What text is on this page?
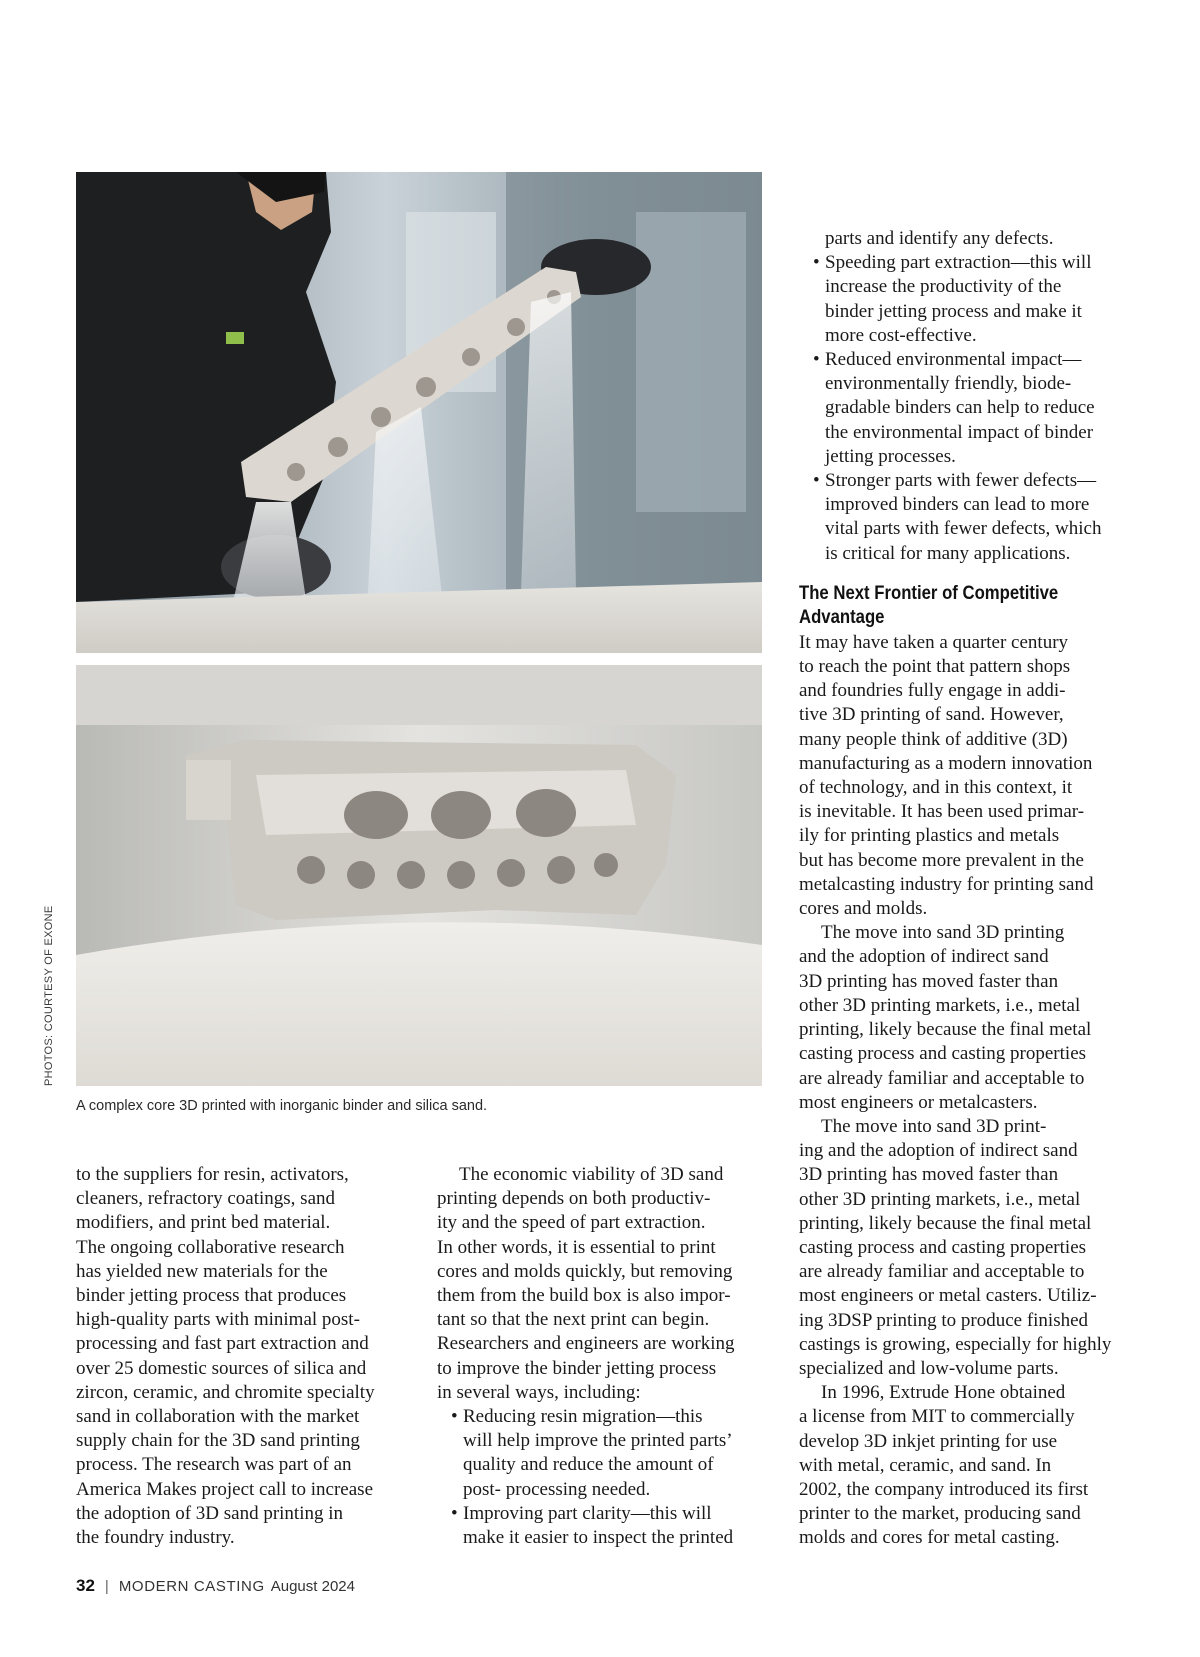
PHOTOS: COURTESY OF EXONE
A complex core 3D printed with inorganic binder and silica sand.
to the suppliers for resin, activators,
cleaners, refractory coatings, sand
modifiers, and print bed material.
The ongoing collaborative research
has yielded new materials for the
binder jetting process that produces
high-quality parts with minimal post-
processing and fast part extraction and
over 25 domestic sources of silica and
zircon, ceramic, and chromite specialty
sand in collaboration with the market
supply chain for the 3D sand printing
process. The research was part of an
America Makes project call to increase
the adoption of 3D sand printing in
the foundry industry.
The economic viability of 3D sand
printing depends on both productiv-
ity and the speed of part extraction.
In other words, it is essential to print
cores and molds quickly, but removing
them from the build box is also impor-
tant so that the next print can begin.
Researchers and engineers are working
to improve the binder jetting process
in several ways, including:
• Reducing resin migration—this
will help improve the printed parts’
quality and reduce the amount of
post- processing needed.
• Improving part clarity—this will
make it easier to inspect the printed
parts and identify any defects.
• Speeding part extraction—this will
increase the productivity of the
binder jetting process and make it
more cost-effective.
• Reduced environmental impact—
environmentally friendly, biode-
gradable binders can help to reduce
the environmental impact of binder
jetting processes.
• Stronger parts with fewer defects—
improved binders can lead to more
vital parts with fewer defects, which
is critical for many applications.
The Next Frontier of Competitive
Advantage
It may have taken a quarter century
to reach the point that pattern shops
and foundries fully engage in addi-
tive 3D printing of sand. However,
many people think of additive (3D)
manufacturing as a modern innovation
of technology, and in this context, it
is inevitable. It has been used primar-
ily for printing plastics and metals
but has become more prevalent in the
metalcasting industry for printing sand
cores and molds.
The move into sand 3D printing
and the adoption of indirect sand
3D printing has moved faster than
other 3D printing markets, i.e., metal
printing, likely because the final metal
casting process and casting properties
are already familiar and acceptable to
most engineers or metalcasters.
The move into sand 3D print-
ing and the adoption of indirect sand
3D printing has moved faster than
other 3D printing markets, i.e., metal
printing, likely because the final metal
casting process and casting properties
are already familiar and acceptable to
most engineers or metal casters. Utiliz-
ing 3DSP printing to produce finished
castings is growing, especially for highly
specialized and low-volume parts.
In 1996, Extrude Hone obtained
a license from MIT to commercially
develop 3D inkjet printing for use
with metal, ceramic, and sand. In
2002, the company introduced its first
printer to the market, producing sand
molds and cores for metal casting.
32 | MODERN CASTING August 2024
